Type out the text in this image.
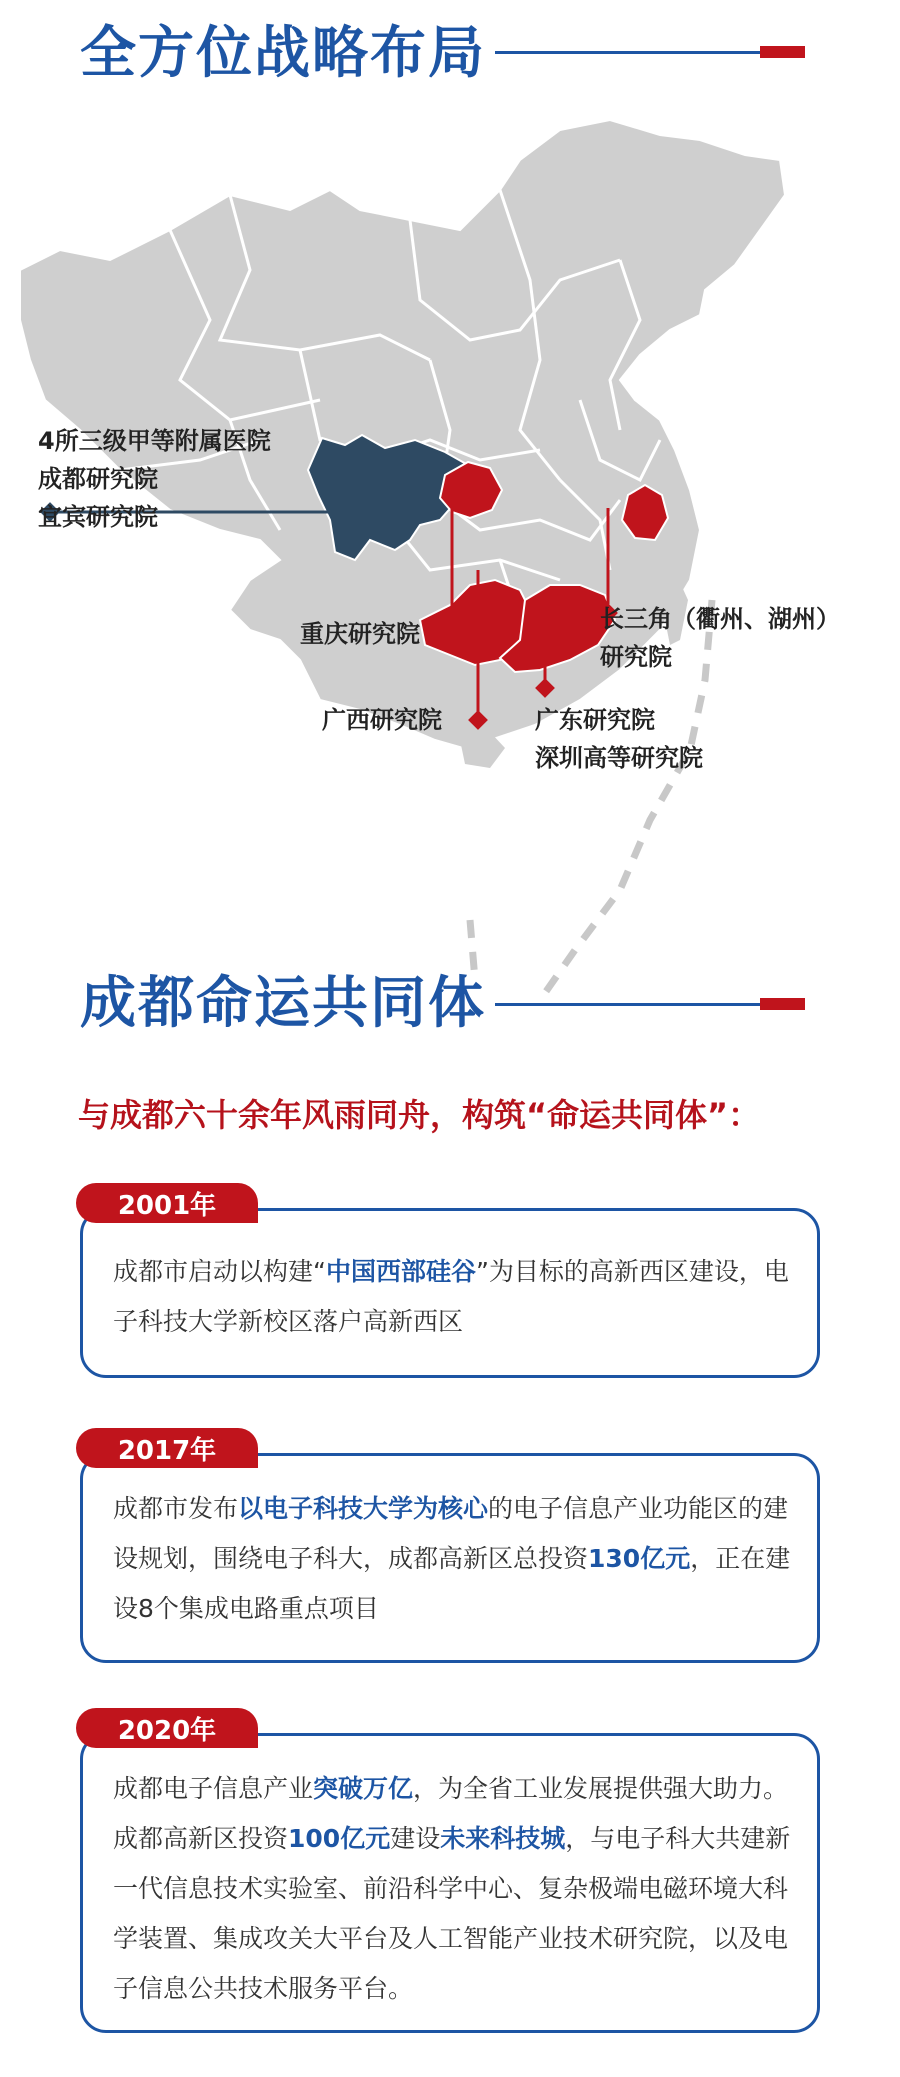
全方位战略布局
4所三级甲等附属医院
成都研究院
宜宾研究院
重庆研究院
广西研究院	广东研究院
深圳高等研究院
长三角（衢州、湖州）
研究院
成都命运共同体

与成都六十余年风雨同舟，构筑“命运共同体”：

成都市启动以构建“中国西部硅谷”为目标的高新西区建设，电子科技大学新校区落户高新西区

2001年

成都市发布以电子科技大学为核心的电子信息产业功能区的建设规划，围绕电子科大，成都高新区总投资130亿元，正在建设8个集成电路重点项目

2017年

成都电子信息产业突破万亿，为全省工业发展提供强大助力。成都高新区投资100亿元建设未来科技城，与电子科大共建新一代信息技术实验室、前沿科学中心、复杂极端电磁环境大科学装置、集成攻关大平台及人工智能产业技术研究院，以及电子信息公共技术服务平台。

2020年
